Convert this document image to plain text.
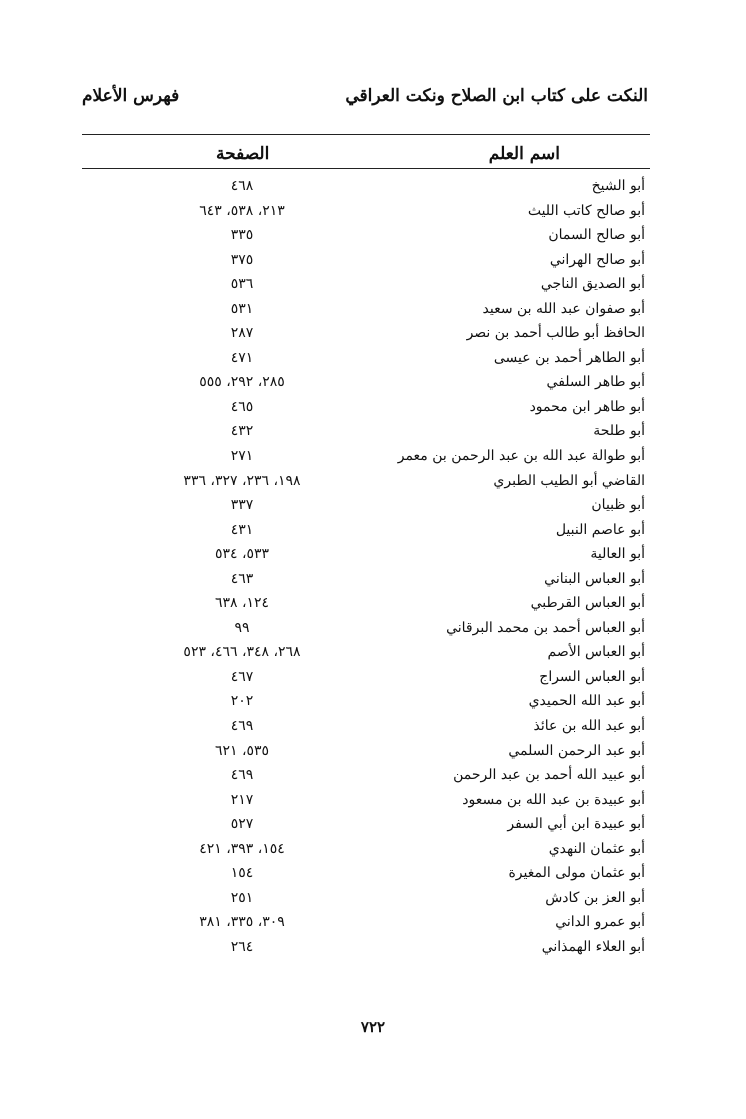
النكت على كتاب ابن الصلاح ونكت العراقي
فهرس الأعلام
اسم العلم
الصفحة
أبو الشيخ
٤٦٨
أبو صالح كاتب الليث
٢١٣، ٥٣٨، ٦٤٣
أبو صالح السمان
٣٣٥
أبو صالح الهراني
٣٧٥
أبو الصديق الناجي
٥٣٦
أبو صفوان عبد الله بن سعيد
٥٣١
الحافظ أبو طالب أحمد بن نصر
٢٨٧
أبو الطاهر أحمد بن عيسى
٤٧١
أبو طاهر السلفي
٢٨٥، ٢٩٢، ٥٥٥
أبو طاهر ابن محمود
٤٦٥
أبو طلحة
٤٣٢
أبو طوالة عبد الله بن عبد الرحمن بن معمر
٢٧١
القاضي أبو الطيب الطبري
١٩٨، ٢٣٦، ٣٢٧، ٣٣٦
أبو ظبيان
٣٣٧
أبو عاصم النبيل
٤٣١
أبو العالية
٥٣٣، ٥٣٤
أبو العباس البناني
٤٦٣
أبو العباس القرطبي
١٢٤، ٦٣٨
أبو العباس أحمد بن محمد البرقاني
٩٩
أبو العباس الأصم
٢٦٨، ٣٤٨، ٤٦٦، ٥٢٣
أبو العباس السراج
٤٦٧
أبو عبد الله الحميدي
٢٠٢
أبو عبد الله بن عائذ
٤٦٩
أبو عبد الرحمن السلمي
٥٣٥، ٦٢١
أبو عبيد الله أحمد بن عبد الرحمن
٤٦٩
أبو عبيدة بن عبد الله بن مسعود
٢١٧
أبو عبيدة ابن أبي السفر
٥٢٧
أبو عثمان النهدي
١٥٤، ٣٩٣، ٤٢١
أبو عثمان مولى المغيرة
١٥٤
أبو العز بن كادش
٢٥١
أبو عمرو الداني
٣٠٩، ٣٣٥، ٣٨١
أبو العلاء الهمذاني
٢٦٤
٧٢٢
